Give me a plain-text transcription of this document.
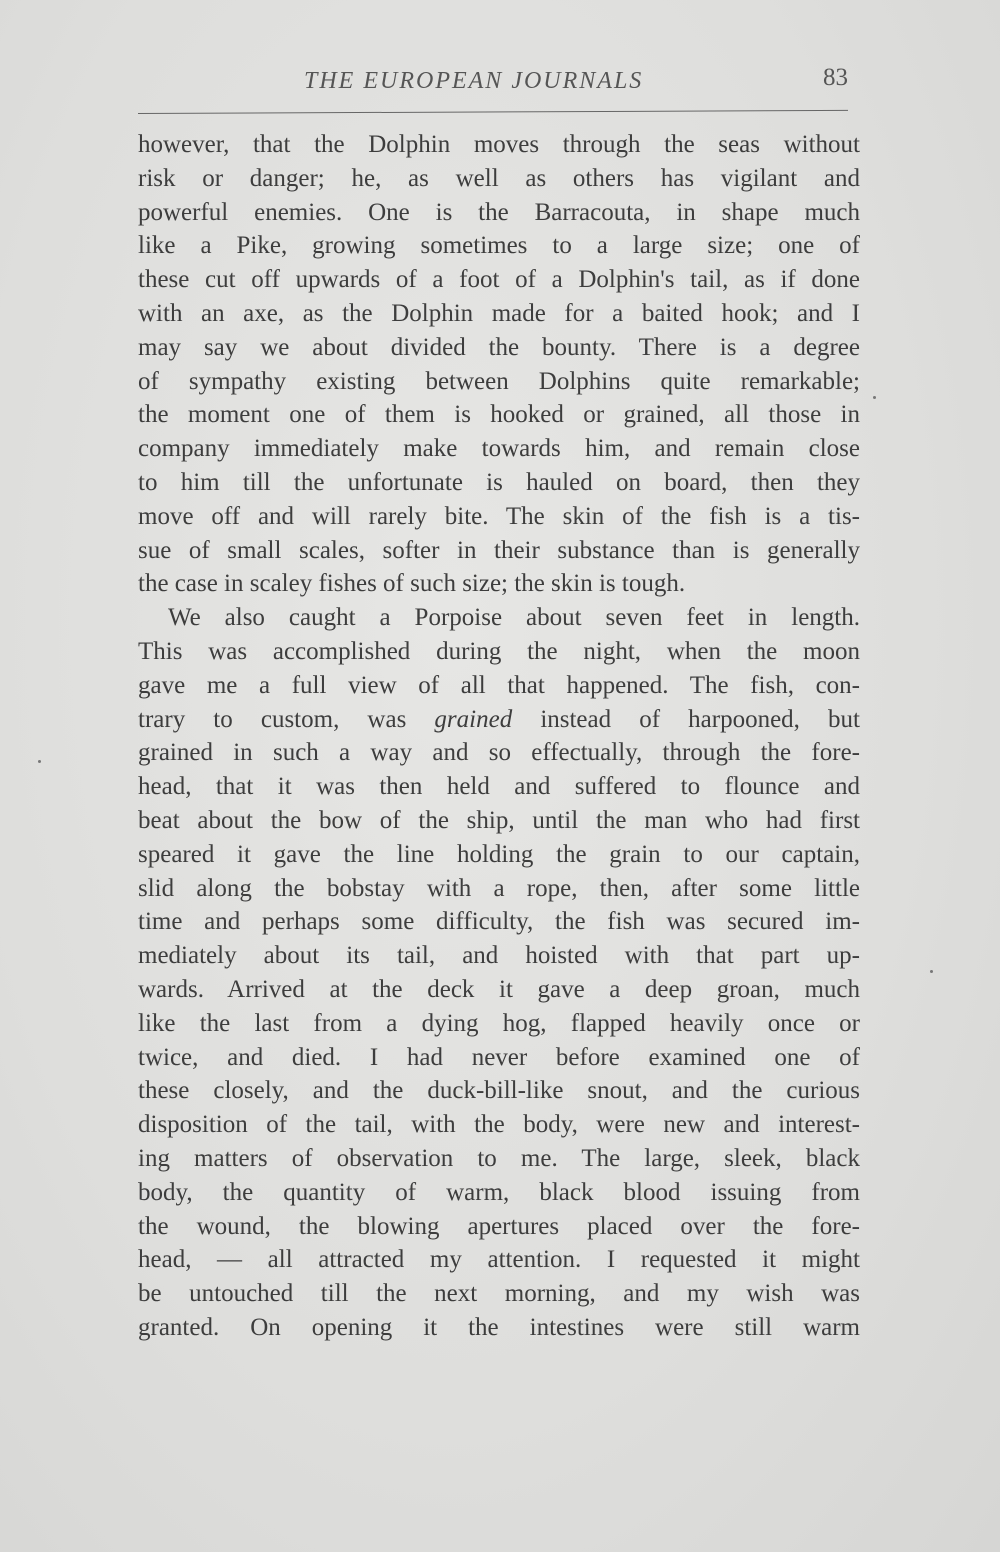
THE EUROPEAN JOURNALS	83
however, that the Dolphin moves through the seas without
risk or danger; he, as well as others has vigilant and
powerful enemies. One is the Barracouta, in shape much
like a Pike, growing sometimes to a large size; one of
these cut off upwards of a foot of a Dolphin's tail, as if done
with an axe, as the Dolphin made for a baited hook; and I
may say we about divided the bounty. There is a degree
of sympathy existing between Dolphins quite remarkable;
the moment one of them is hooked or grained, all those in
company immediately make towards him, and remain close
to him till the unfortunate is hauled on board, then they
move off and will rarely bite. The skin of the fish is a tis-
sue of small scales, softer in their substance than is generally
the case in scaley fishes of such size; the skin is tough.
We also caught a Porpoise about seven feet in length.
This was accomplished during the night, when the moon
gave me a full view of all that happened. The fish, con-
trary to custom, was grained instead of harpooned, but
grained in such a way and so effectually, through the fore-
head, that it was then held and suffered to flounce and
beat about the bow of the ship, until the man who had first
speared it gave the line holding the grain to our captain,
slid along the bobstay with a rope, then, after some little
time and perhaps some difficulty, the fish was secured im-
mediately about its tail, and hoisted with that part up-
wards. Arrived at the deck it gave a deep groan, much
like the last from a dying hog, flapped heavily once or
twice, and died. I had never before examined one of
these closely, and the duck-bill-like snout, and the curious
disposition of the tail, with the body, were new and interest-
ing matters of observation to me. The large, sleek, black
body, the quantity of warm, black blood issuing from
the wound, the blowing apertures placed over the fore-
head, — all attracted my attention. I requested it might
be untouched till the next morning, and my wish was
granted. On opening it the intestines were still warm
